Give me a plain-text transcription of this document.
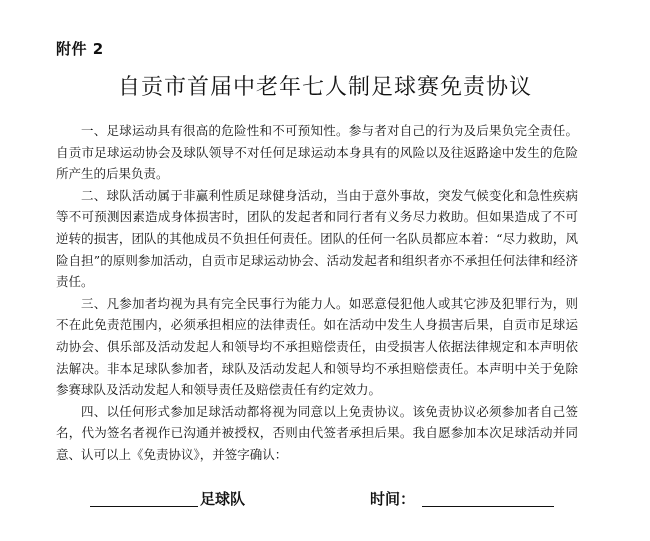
附件 2
自贡市首届中老年七人制足球赛免责协议

一、足球运动具有很高的危险性和不可预知性。参与者对自己的行为及后果负完全责任。自贡市足球运动协会及球队领导不对任何足球运动本身具有的风险以及往返路途中发生的危险所产生的后果负责。

二、球队活动属于非赢利性质足球健身活动，当由于意外事故，突发气候变化和急性疾病等不可预测因素造成身体损害时，团队的发起者和同行者有义务尽力救助。但如果造成了不可逆转的损害，团队的其他成员不负担任何责任。团队的任何一名队员都应本着：“尽力救助，风险自担”的原则参加活动，自贡市足球运动协会、活动发起者和组织者亦不承担任何法律和经济责任。

三、凡参加者均视为具有完全民事行为能力人。如恶意侵犯他人或其它涉及犯罪行为，则不在此免责范围内，必须承担相应的法律责任。如在活动中发生人身损害后果，自贡市足球运动协会、俱乐部及活动发起人和领导均不承担赔偿责任，由受损害人依据法律规定和本声明依法解决。非本足球队参加者，球队及活动发起人和领导均不承担赔偿责任。本声明中关于免除参赛球队及活动发起人和领导责任及赔偿责任有约定效力。

四、以任何形式参加足球活动都将视为同意以上免责协议。该免责协议必须参加者自己签名，代为签名者视作已沟通并被授权，否则由代签者承担后果。我自愿参加本次足球活动并同意、认可以上《免责协议》，并签字确认：

足球队	时间：
